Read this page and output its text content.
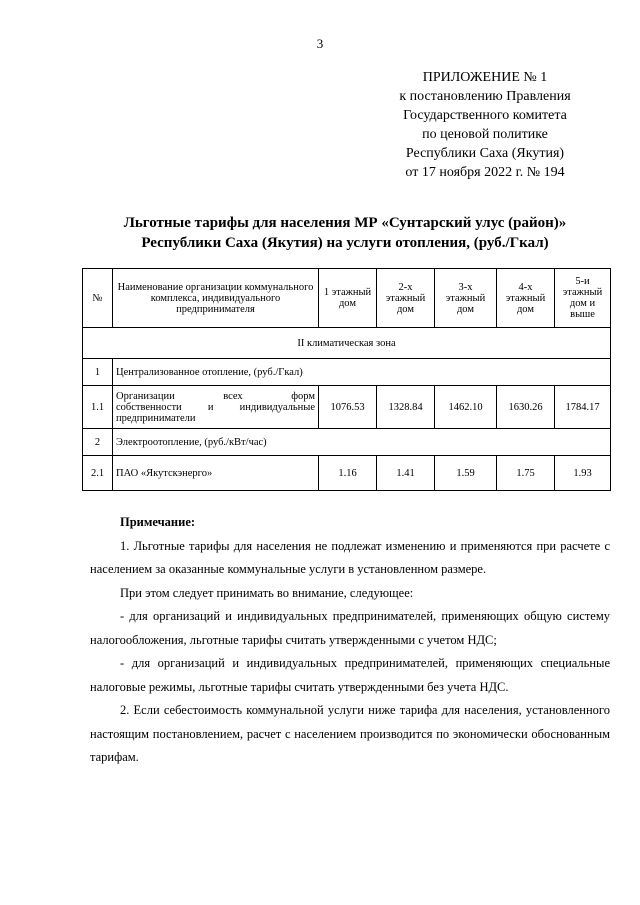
3
ПРИЛОЖЕНИЕ № 1
к постановлению Правления
Государственного комитета
по ценовой политике
Республики Саха (Якутия)
от 17 ноября 2022 г. № 194
Льготные тарифы для населения МР «Сунтарский улус (район)»
Республики Саха (Якутия) на услуги отопления, (руб./Гкал)
№	Наименование организации коммунального комплекса, индивидуального предпринимателя	1 этажный дом	2-х этажный дом	3-х этажный дом	4-х этажный дом	5-и этажный дом и выше
II климатическая зона						
1	Централизованное отопление, (руб./Гкал)					
1.1	Организации всех форм
собственности и индивидуальные
предприниматели	1076.53	1328.84	1462.10	1630.26	1784.17
2	Электроотопление, (руб./кВт/час)					
2.1	ПАО «Якутскэнерго»	1.16	1.41	1.59	1.75	1.93

Примечание:

1. Льготные тарифы для населения не подлежат изменению и применяются при расчете с населением за оказанные коммунальные услуги в установленном размере.

При этом следует принимать во внимание, следующее:

- для организаций и индивидуальных предпринимателей, применяющих общую систему налогообложения, льготные тарифы считать утвержденными с учетом НДС;

- для организаций и индивидуальных предпринимателей, применяющих специальные налоговые режимы, льготные тарифы считать утвержденными без учета НДС.

2. Если себестоимость коммунальной услуги ниже тарифа для населения, установленного настоящим постановлением, расчет с населением производится по экономически обоснованным тарифам.
